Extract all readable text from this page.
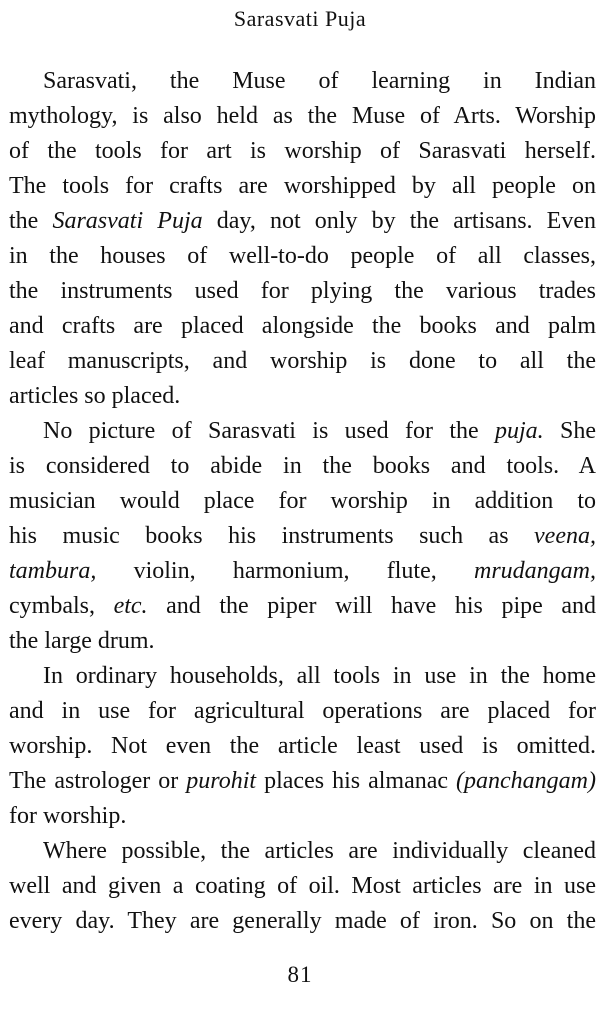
Sarasvati Puja
Sarasvati, the Muse of learning in Indian
mythology, is also held as the Muse of Arts. Worship
of the tools for art is worship of Sarasvati herself.
The tools for crafts are worshipped by all people on
the Sarasvati Puja day, not only by the artisans. Even
in the houses of well-to-do people of all classes,
the instruments used for plying the various trades
and crafts are placed alongside the books and palm
leaf manuscripts, and worship is done to all the
articles so placed.
No picture of Sarasvati is used for the puja. She
is considered to abide in the books and tools. A
musician would place for worship in addition to
his music books his instruments such as veena,
tambura, violin, harmonium, flute, mrudangam,
cymbals, etc. and the piper will have his pipe and
the large drum.
In ordinary households, all tools in use in the home
and in use for agricultural operations are placed for
worship. Not even the article least used is omitted.
The astrologer or purohit places his almanac (panchangam)
for worship.
Where possible, the articles are individually cleaned
well and given a coating of oil. Most articles are in use
every day. They are generally made of iron. So on the
81
